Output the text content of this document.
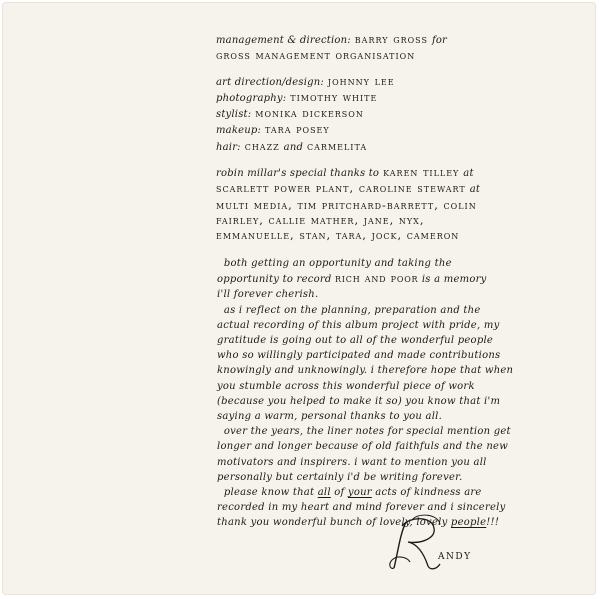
management & direction: barry gross for
gross management organisation
art direction/design: johnny lee
photography: timothy white
stylist: monika dickerson
makeup: tara posey
hair: chazz and carmelita
robin millar's special thanks to karen tilley at
scarlett power plant, caroline stewart at
multi media, tim pritchard-barrett, colin
fairley, callie mather, jane, nyx,
emmanuelle, stan, tara, jock, cameron
both getting an opportunity and taking the
opportunity to record rich and poor is a memory
i'll forever cherish.
as i reflect on the planning, preparation and the
actual recording of this album project with pride, my
gratitude is going out to all of the wonderful people
who so willingly participated and made contributions
knowingly and unknowingly. i therefore hope that when
you stumble across this wonderful piece of work
(because you helped to make it so) you know that i'm
saying a warm, personal thanks to you all.
over the years, the liner notes for special mention get
longer and longer because of old faithfuls and the new
motivators and inspirers. i want to mention you all
personally but certainly i'd be writing forever.
please know that all of your acts of kindness are
recorded in my heart and mind forever and i sincerely
thank you wonderful bunch of lovely, lovely people!!!
R
andy
